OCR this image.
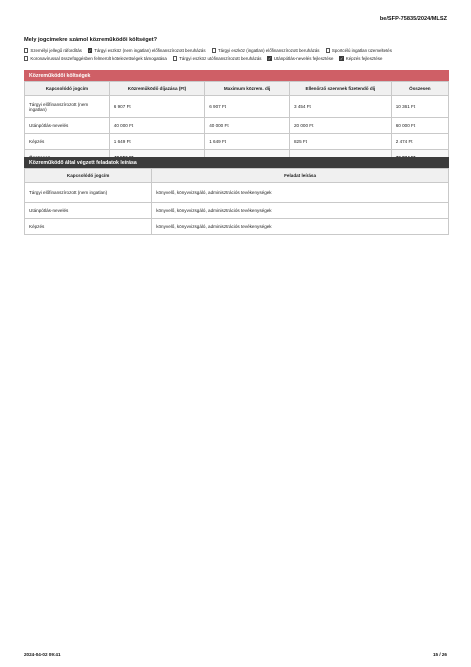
be/SFP-75835/2024/MLSZ
Mely jogcímekre számol közreműködői költséget?
Személyi jellegű ráfordítás ✓ Tárgyi eszköz (nem ingatlan) előfinanszírozott beruházás	Tárgyi eszköz (ingatlan) előfinanszírozott beruházás	Sportcélú ingatlan üzemeltetés
Koronavírussal összefüggésben felmerült kötelezettségek támogatása	Tárgyi eszköz utófinanszírozott beruházás ✓ Utánpótlás-nevelés fejlesztése ✓ Képzés fejlesztése
Közreműködői költségek
Kapcsolódó jogcím	Közreműködő díjazása (Ft)	Maximum közrem. díj	Ellenőrző szervnek fizetendő díj	Összesen
Tárgyi előfinanszírozott (nem ingatlan)	6 907 Ft	6 907 Ft	3 454 Ft	10 361 Ft
Utánpótlás-nevelés	40 000 Ft	40 000 Ft	20 000 Ft	60 000 Ft
Képzés	1 649 Ft	1 649 Ft	825 Ft	2 474 Ft

Közreműködő által végzett feladatok leírása
Kapcsolódó jogcím	Feladat leírása
Tárgyi előfinanszírozott (nem ingatlan)	könyvelő, könyvvizsgáló, adminisztrációs tevékenységek
Utánpótlás-nevelés	könyvelő, könyvvizsgáló, adminisztrációs tevékenységek
Képzés	könyvelő, könyvvizsgáló, adminisztrációs tevékenységek
2024-04-02 09:41	15 / 26
